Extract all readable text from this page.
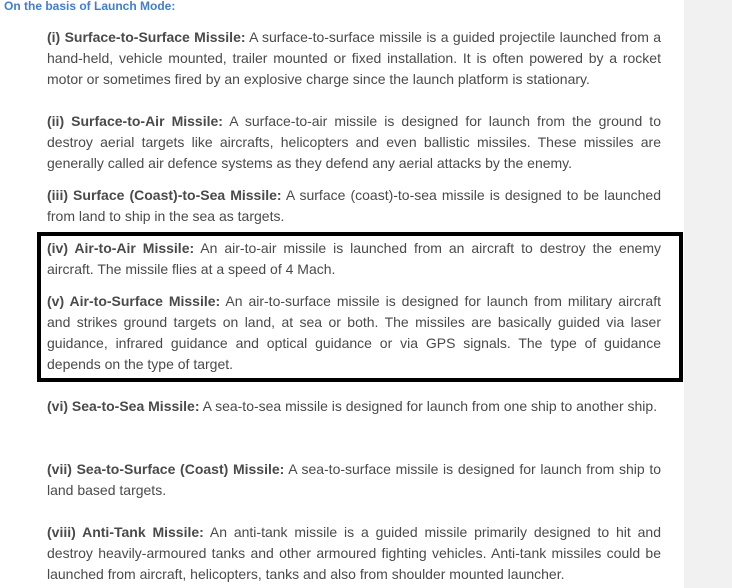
On the basis of Launch Mode:

(i) Surface-to-Surface Missile: A surface-to-surface missile is a guided projectile launched from a hand-held, vehicle mounted, trailer mounted or fixed installation. It is often powered by a rocket motor or sometimes fired by an explosive charge since the launch platform is stationary.

(ii) Surface-to-Air Missile: A surface-to-air missile is designed for launch from the ground to destroy aerial targets like aircrafts, helicopters and even ballistic missiles. These missiles are generally called air defence systems as they defend any aerial attacks by the enemy.

(iii) Surface (Coast)-to-Sea Missile: A surface (coast)-to-sea missile is designed to be launched from land to ship in the sea as targets.

(iv) Air-to-Air Missile: An air-to-air missile is launched from an aircraft to destroy the enemy aircraft. The missile flies at a speed of 4 Mach.

(v) Air-to-Surface Missile: An air-to-surface missile is designed for launch from military aircraft and strikes ground targets on land, at sea or both. The missiles are basically guided via laser guidance, infrared guidance and optical guidance or via GPS signals. The type of guidance depends on the type of target.

(vi) Sea-to-Sea Missile: A sea-to-sea missile is designed for launch from one ship to another ship.

(vii) Sea-to-Surface (Coast) Missile: A sea-to-surface missile is designed for launch from ship to land based targets.

(viii) Anti-Tank Missile: An anti-tank missile is a guided missile primarily designed to hit and destroy heavily-armoured tanks and other armoured fighting vehicles. Anti-tank missiles could be launched from aircraft, helicopters, tanks and also from shoulder mounted launcher.
